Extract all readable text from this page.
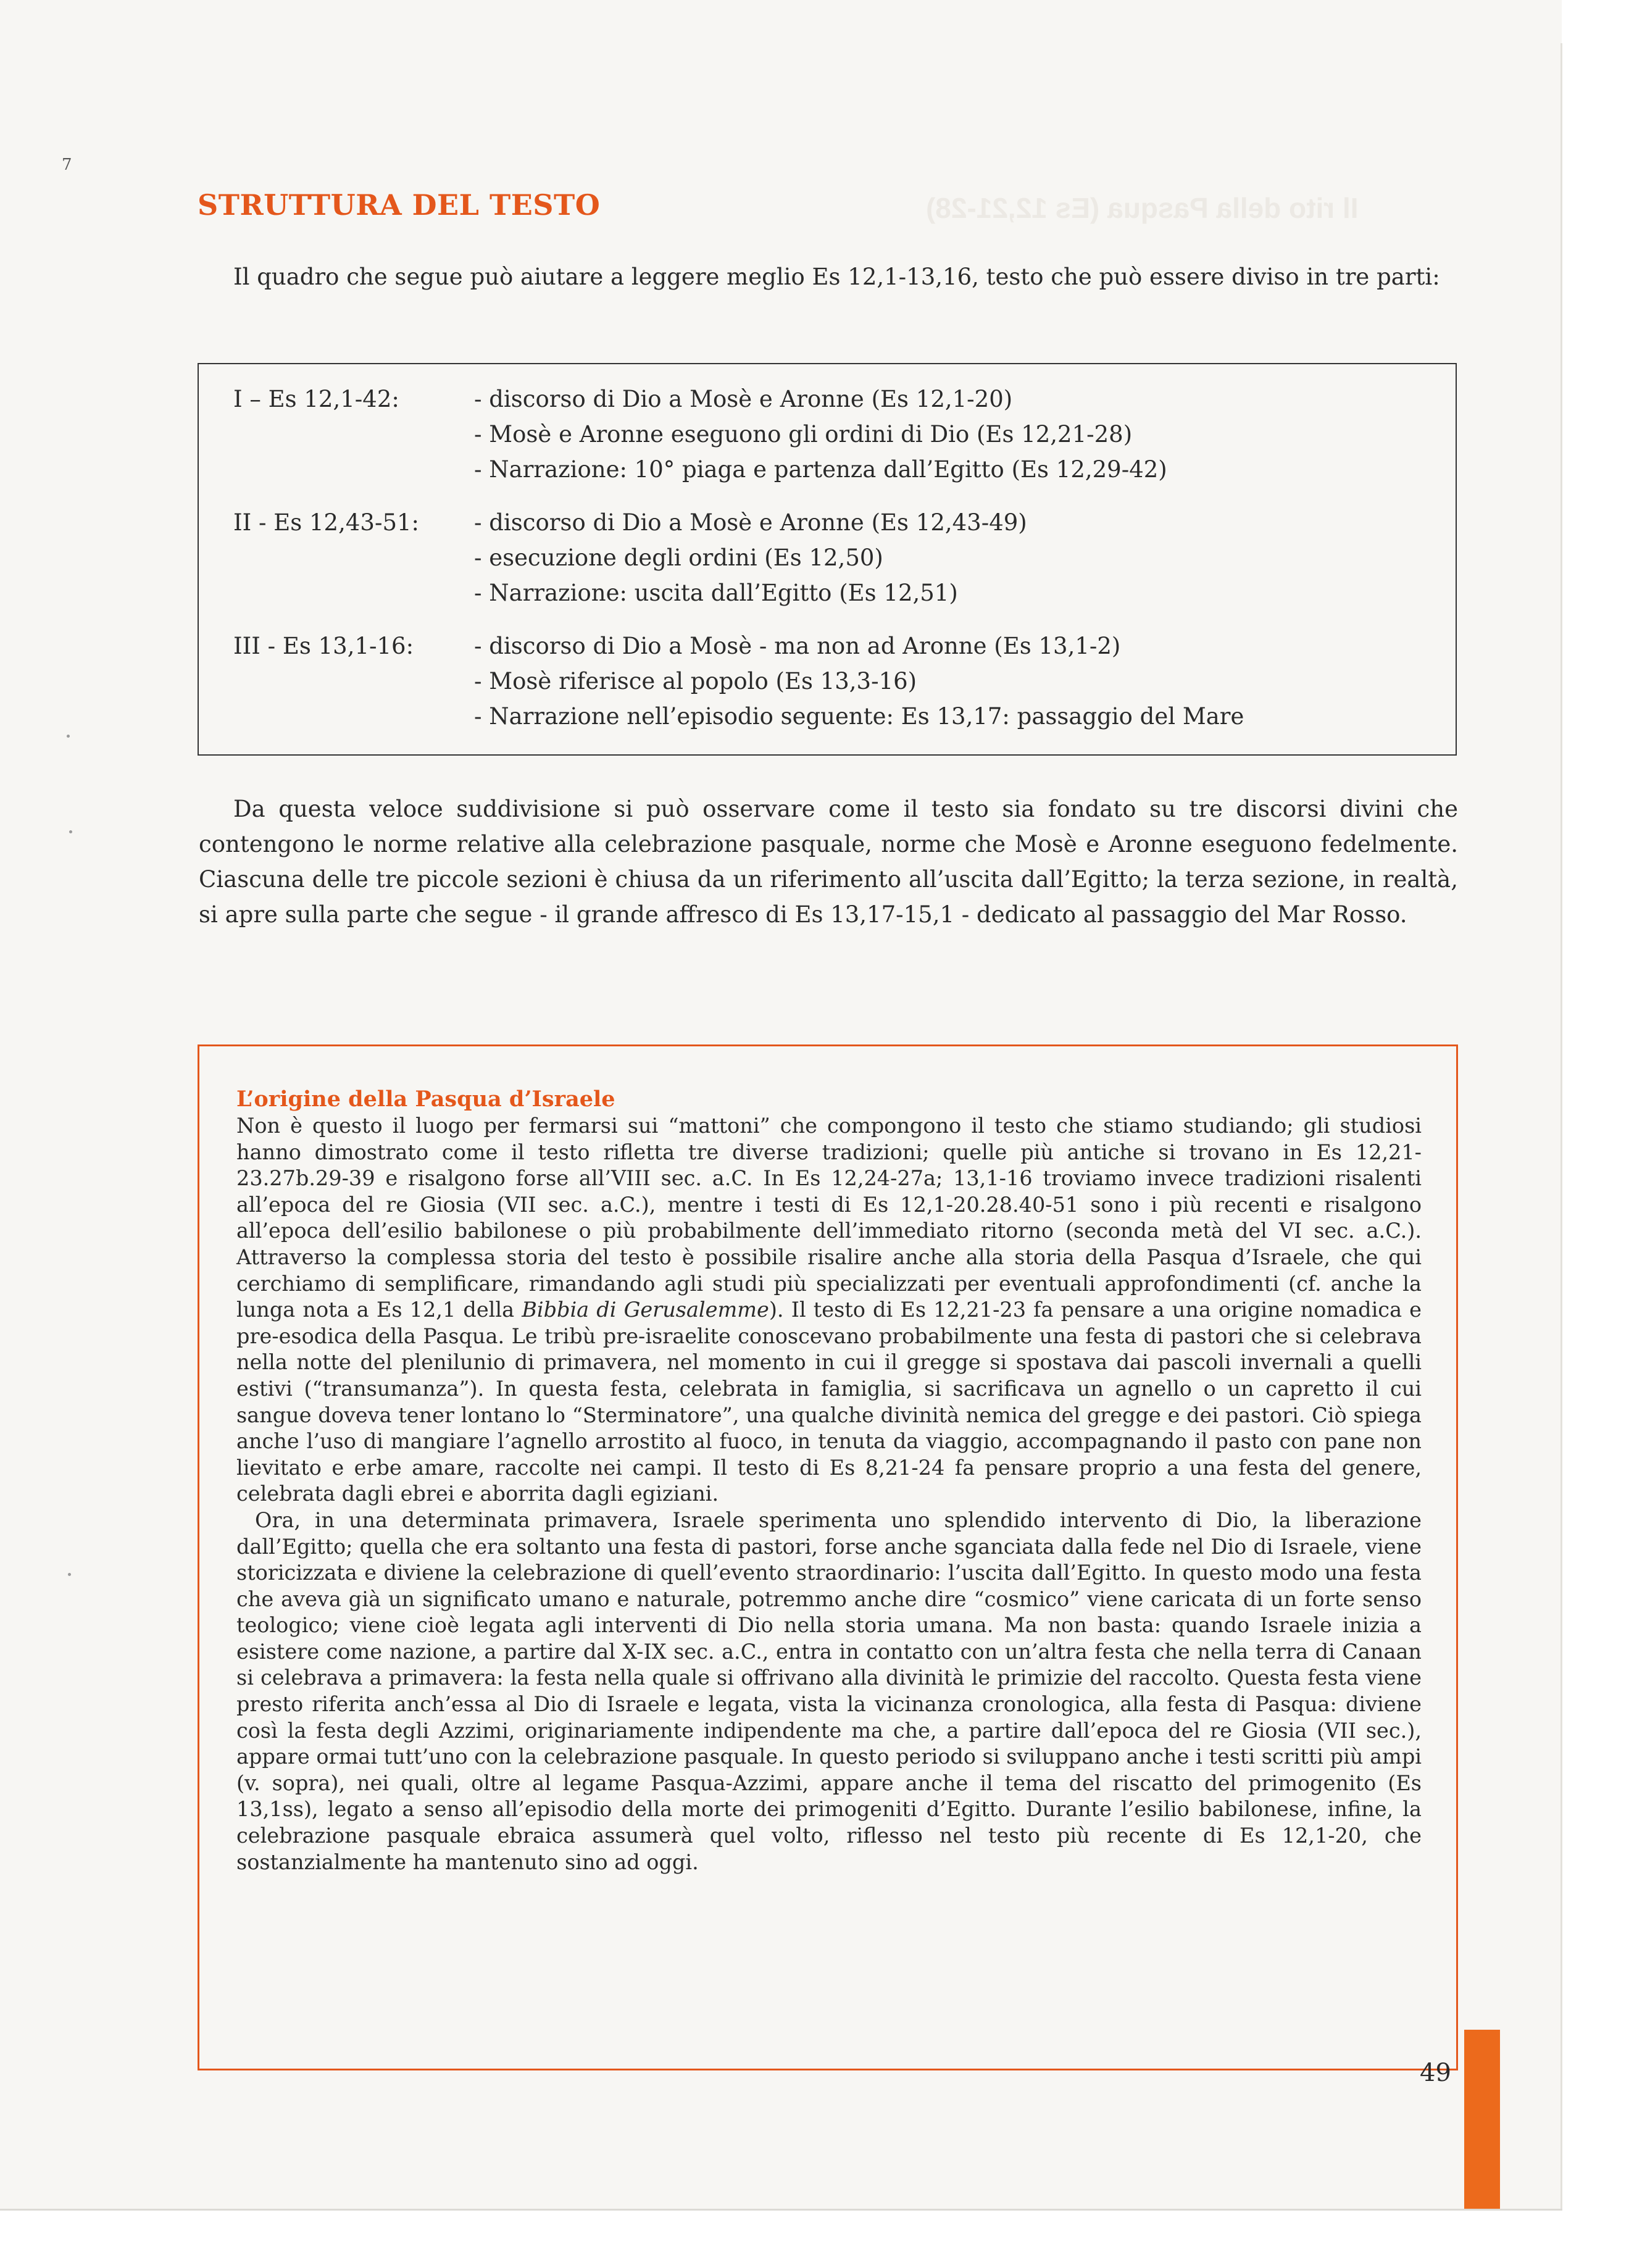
7
Il rito della Pasqua (Es 12,21-28)
STRUTTURA DEL TESTO

Il quadro che segue può aiutare a leggere meglio Es 12,1-13,16, testo che può essere diviso in tre parti:

I – Es 12,1-42:	- discorso di Dio a Mosè e Aronne (Es 12,1-20)
- Mosè e Aronne eseguono gli ordini di Dio (Es 12,21-28)
- Narrazione: 10° piaga e partenza dall’Egitto (Es 12,29-42)
II - Es 12,43-51: - discorso di Dio a Mosè e Aronne (Es 12,43-49)
- esecuzione degli ordini (Es 12,50)
- Narrazione: uscita dall’Egitto (Es 12,51)
III - Es 13,1-16:	- discorso di Dio a Mosè - ma non ad Aronne (Es 13,1-2)
- Mosè riferisce al popolo (Es 13,3-16)
- Narrazione nell’episodio seguente: Es 13,17: passaggio del Mare

Da questa veloce suddivisione si può osservare come il testo sia fondato su tre discorsi divini che contengono le norme relative alla celebrazione pasquale, norme che Mosè e Aronne eseguono fedelmente. Ciascuna delle tre piccole sezioni è chiusa da un riferimento all’uscita dall’Egitto; la terza sezione, in realtà, si apre sulla parte che segue - il grande affresco di Es 13,17-15,1 - dedicato al passaggio del Mar Rosso.

L’origine della Pasqua d’Israele

Non è questo il luogo per fermarsi sui “mattoni” che compongono il testo che stiamo studiando; gli studiosi hanno dimostrato come il testo rifletta tre diverse tradizioni; quelle più antiche si trovano in Es 12,21-23.27b.29-39 e risalgono forse all’VIII sec. a.C. In Es 12,24-27a; 13,1-16 troviamo invece tradizioni risalenti all’epoca del re Giosia (VII sec. a.C.), mentre i testi di Es 12,1-20.28.40-51 sono i più recenti e risalgono all’epoca dell’esilio babilonese o più probabilmente dell’immediato ritorno (seconda metà del VI sec. a.C.). Attraverso la complessa storia del testo è possibile risalire anche alla storia della Pasqua d’Israele, che qui cerchiamo di semplificare, rimandando agli studi più specializzati per eventuali approfondimenti (cf. anche la lunga nota a Es 12,1 della Bibbia di Gerusalemme). Il testo di Es 12,21-23 fa pensare a una origine nomadica e pre-esodica della Pasqua. Le tribù pre-israelite conoscevano probabilmente una festa di pastori che si celebrava nella notte del plenilunio di primavera, nel momento in cui il gregge si spostava dai pascoli invernali a quelli estivi (“transumanza”). In questa festa, celebrata in famiglia, si sacrificava un agnello o un capretto il cui sangue doveva tener lontano lo “Sterminatore”, una qualche divinità nemica del gregge e dei pastori. Ciò spiega anche l’uso di mangiare l’agnello arrostito al fuoco, in tenuta da viaggio, accompagnando il pasto con pane non lievitato e erbe amare, raccolte nei campi. Il testo di Es 8,21-24 fa pensare proprio a una festa del genere, celebrata dagli ebrei e aborrita dagli egiziani.
Ora, in una determinata primavera, Israele sperimenta uno splendido intervento di Dio, la liberazione dall’Egitto; quella che era soltanto una festa di pastori, forse anche sganciata dalla fede nel Dio di Israele, viene storicizzata e diviene la celebrazione di quell’evento straordinario: l’uscita dall’Egitto. In questo modo una festa che aveva già un significato umano e naturale, potremmo anche dire “cosmico” viene caricata di un forte senso teologico; viene cioè legata agli interventi di Dio nella storia umana. Ma non basta: quando Israele inizia a esistere come nazione, a partire dal X-IX sec. a.C., entra in contatto con un’altra festa che nella terra di Canaan si celebrava a primavera: la festa nella quale si offrivano alla divinità le primizie del raccolto. Questa festa viene presto riferita anch’essa al Dio di Israele e legata, vista la vicinanza cronologica, alla festa di Pasqua: diviene così la festa degli Azzimi, originariamente indipendente ma che, a partire dall’epoca del re Giosia (VII sec.), appare ormai tutt’uno con la celebrazione pasquale. In questo periodo si sviluppano anche i testi scritti più ampi (v. sopra), nei quali, oltre al legame Pasqua-Azzimi, appare anche il tema del riscatto del primogenito (Es 13,1ss), legato a senso all’episodio della morte dei primogeniti d’Egitto. Durante l’esilio babilonese, infine, la celebrazione pasquale ebraica assumerà quel volto, riflesso nel testo più recente di Es 12,1-20, che sostanzialmente ha mantenuto sino ad oggi.

49
